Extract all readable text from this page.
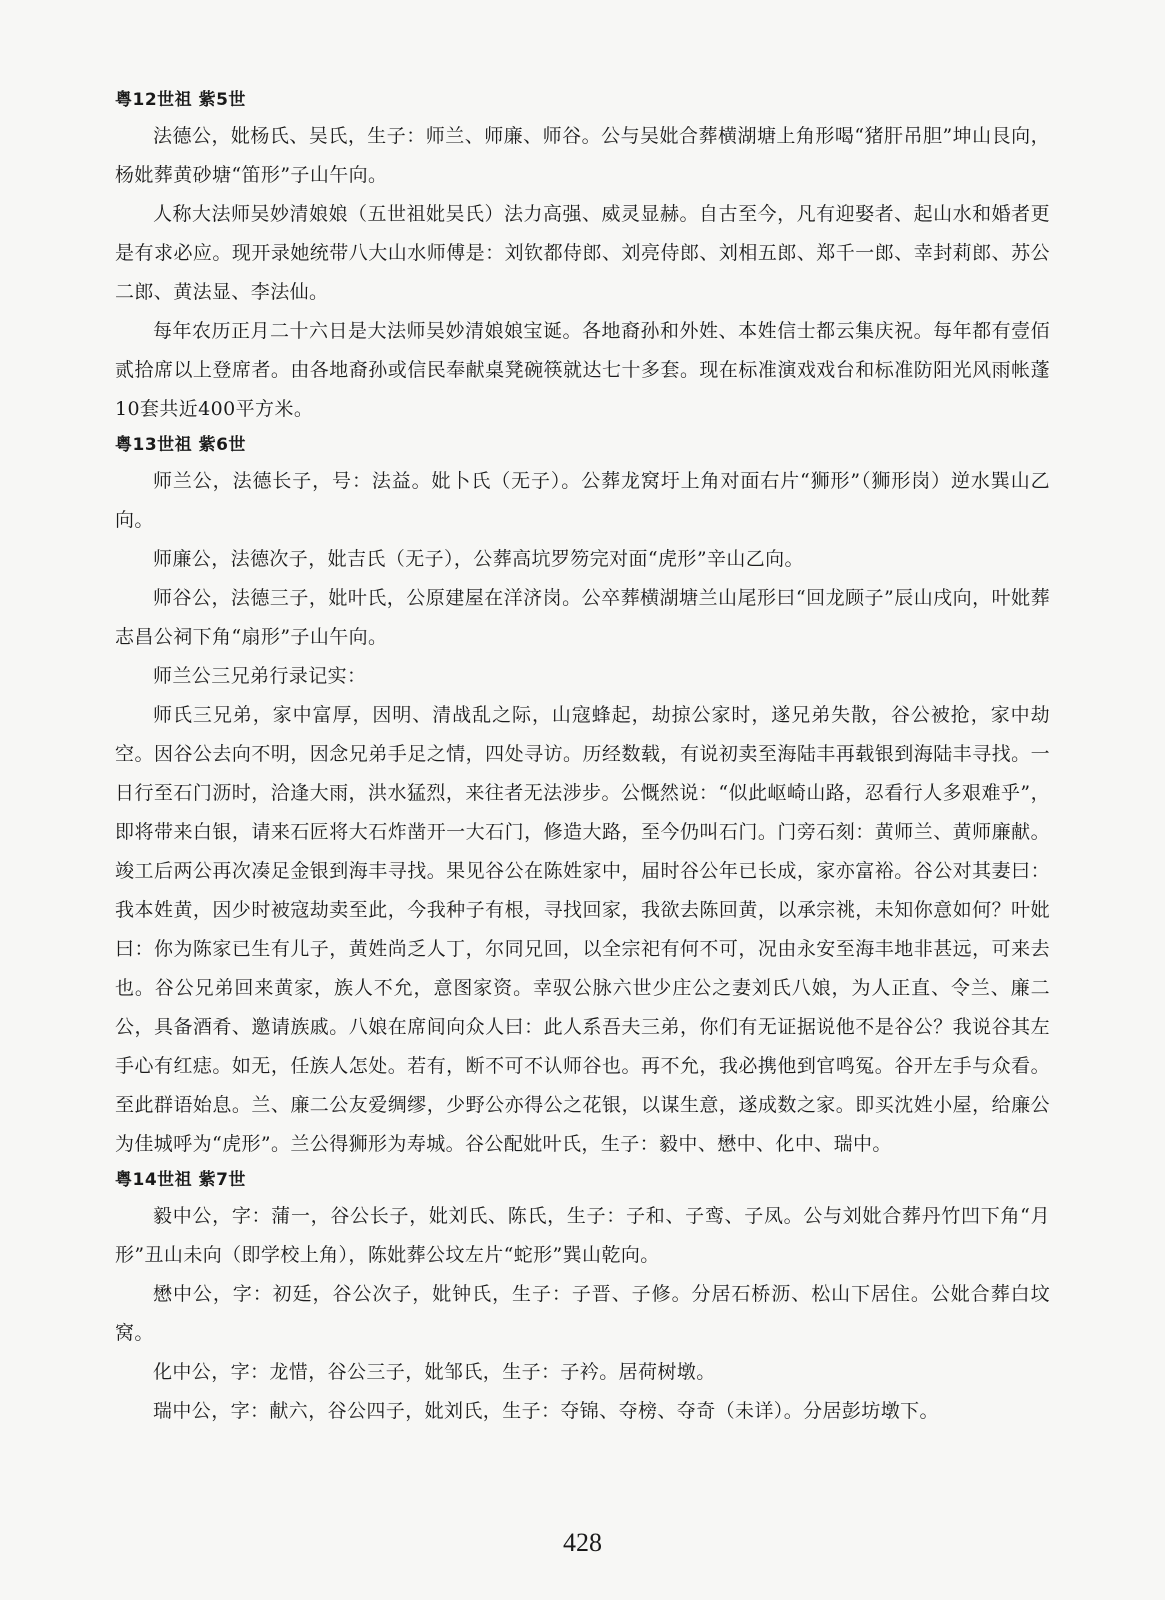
粤12世祖 紫5世

法德公，妣杨氏、吴氏，生子：师兰、师廉、师谷。公与吴妣合葬横湖塘上角形喝“猪肝吊胆”坤山艮向，杨妣葬黄砂塘“笛形”子山午向。

人称大法师吴妙清娘娘（五世祖妣吴氏）法力高强、威灵显赫。自古至今，凡有迎娶者、起山水和婚者更是有求必应。现开录她统带八大山水师傅是：刘钦都侍郎、刘亮侍郎、刘相五郎、郑千一郎、幸封莉郎、苏公二郎、黄法显、李法仙。

每年农历正月二十六日是大法师吴妙清娘娘宝诞。各地裔孙和外姓、本姓信士都云集庆祝。每年都有壹佰贰拾席以上登席者。由各地裔孙或信民奉献桌凳碗筷就达七十多套。现在标准演戏戏台和标准防阳光风雨帐蓬10套共近400平方米。

粤13世祖 紫6世

师兰公，法德长子，号：法益。妣卜氏（无子）。公葬龙窝圩上角对面右片“狮形”（狮形岗）逆水巽山乙向。

师廉公，法德次子，妣吉氏（无子），公葬高坑罗笏完对面“虎形”辛山乙向。

师谷公，法德三子，妣叶氏，公原建屋在洋济岗。公卒葬横湖塘兰山尾形曰“回龙顾子”辰山戌向，叶妣葬志昌公祠下角“扇形”子山午向。

师兰公三兄弟行录记实：

师氏三兄弟，家中富厚，因明、清战乱之际，山寇蜂起，劫掠公家时，遂兄弟失散，谷公被抢，家中劫空。因谷公去向不明，因念兄弟手足之情，四处寻访。历经数载，有说初卖至海陆丰再载银到海陆丰寻找。一日行至石门沥时，洽逢大雨，洪水猛烈，来往者无法涉步。公慨然说：“似此岖崎山路，忍看行人多艰难乎”，即将带来白银，请来石匠将大石炸凿开一大石门，修造大路，至今仍叫石门。门旁石刻：黄师兰、黄师廉献。竣工后两公再次凑足金银到海丰寻找。果见谷公在陈姓家中，届时谷公年已长成，家亦富裕。谷公对其妻曰：我本姓黄，因少时被寇劫卖至此，今我种子有根，寻找回家，我欲去陈回黄，以承宗祧，未知你意如何？叶妣曰：你为陈家已生有儿子，黄姓尚乏人丁，尔同兄回，以全宗祀有何不可，况由永安至海丰地非甚远，可来去也。谷公兄弟回来黄家，族人不允，意图家资。幸驭公脉六世少庄公之妻刘氏八娘，为人正直、令兰、廉二公，具备酒肴、邀请族戚。八娘在席间向众人曰：此人系吾夫三弟，你们有无证据说他不是谷公？我说谷其左手心有红痣。如无，任族人怎处。若有，断不可不认师谷也。再不允，我必携他到官鸣冤。谷开左手与众看。至此群语始息。兰、廉二公友爱绸缪，少野公亦得公之花银，以谋生意，遂成数之家。即买沈姓小屋，给廉公为佳城呼为“虎形”。兰公得狮形为寿城。谷公配妣叶氏，生子：毅中、懋中、化中、瑞中。

粤14世祖 紫7世

毅中公，字：蒲一，谷公长子，妣刘氏、陈氏，生子：子和、子鸾、子凤。公与刘妣合葬丹竹凹下角“月形”丑山未向（即学校上角），陈妣葬公坟左片“蛇形”巽山乾向。

懋中公，字：初廷，谷公次子，妣钟氏，生子：子晋、子修。分居石桥沥、松山下居住。公妣合葬白坟窝。

化中公，字：龙惜，谷公三子，妣邹氏，生子：子衿。居荷树墩。

瑞中公，字：献六，谷公四子，妣刘氏，生子：夺锦、夺榜、夺奇（未详）。分居彭坊墩下。

428
